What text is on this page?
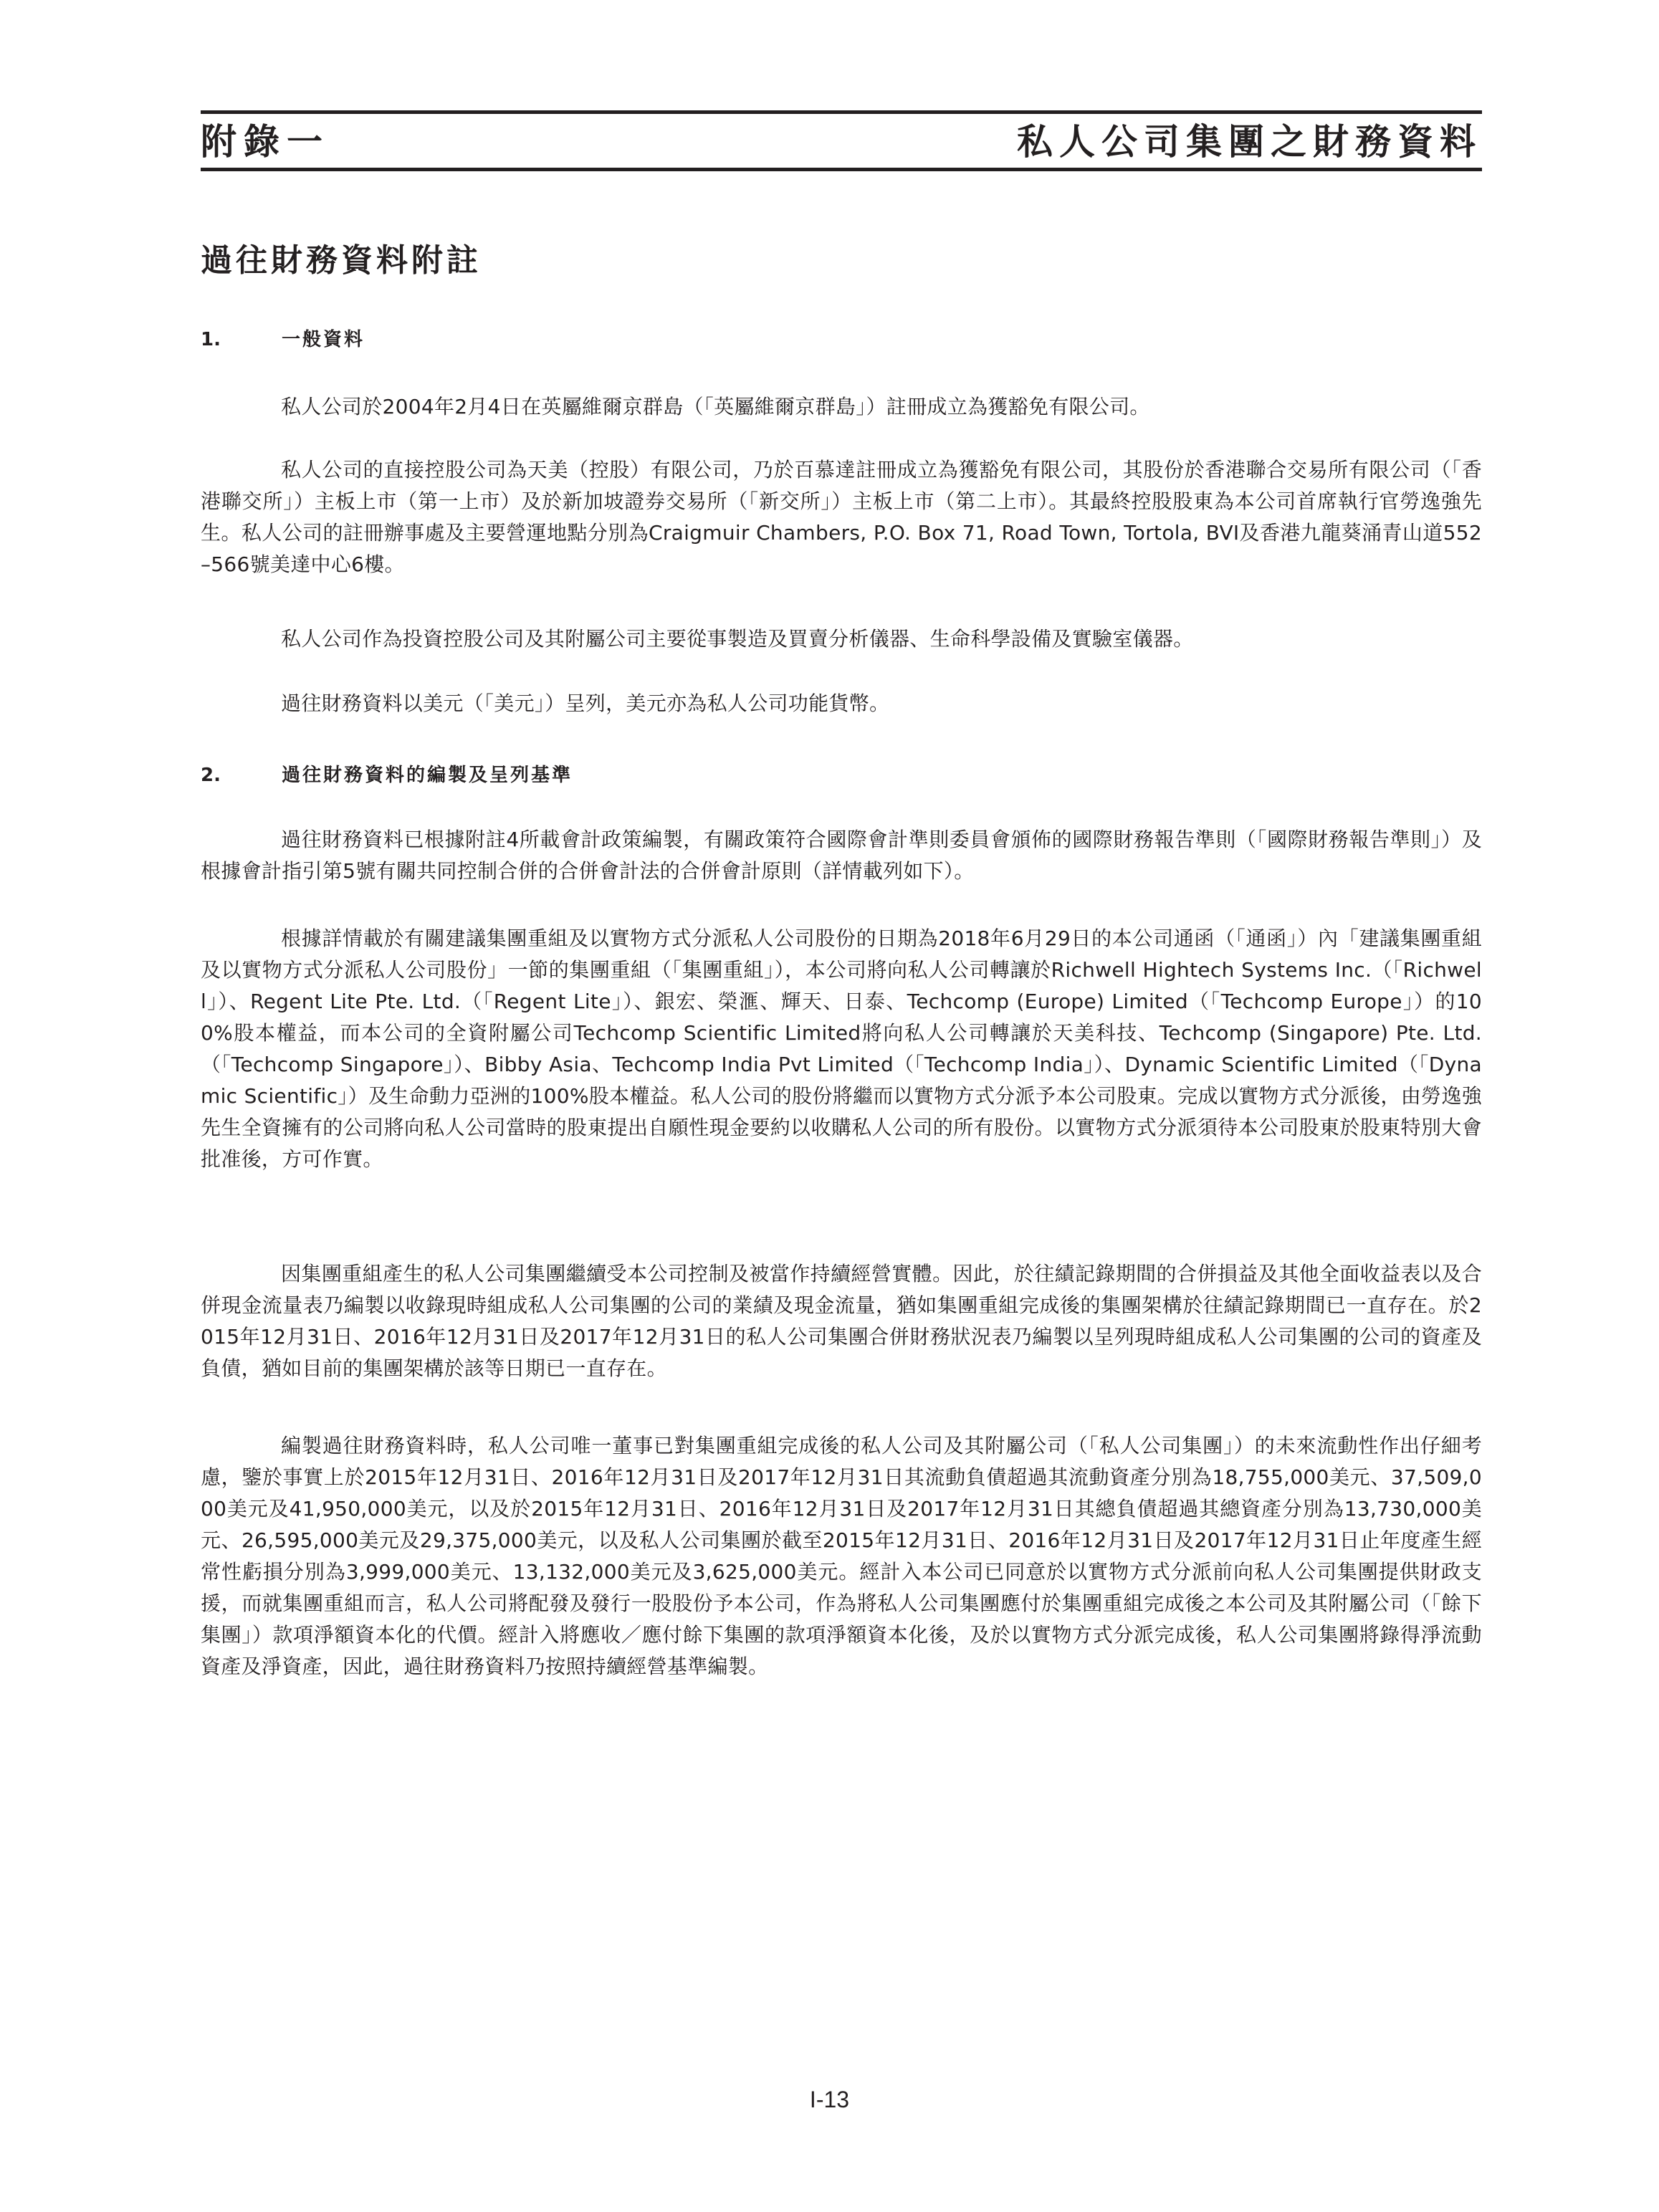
附錄一	私人公司集團之財務資料
過往財務資料附註
1.	一般資料

私人公司於2004年2月4日在英屬維爾京群島（「英屬維爾京群島」）註冊成立為獲豁免有限公司。

私人公司的直接控股公司為天美（控股）有限公司，乃於百慕達註冊成立為獲豁免有限公司，其股份於香港聯合交易所有限公司（「香港聯交所」）主板上市（第一上市）及於新加坡證券交易所（「新交所」）主板上市（第二上市）。其最終控股股東為本公司首席執行官勞逸強先生。私人公司的註冊辦事處及主要營運地點分別為Craigmuir Chambers, P.O. Box 71, Road Town, Tortola, BVI及香港九龍葵涌青山道552–566號美達中心6樓。

私人公司作為投資控股公司及其附屬公司主要從事製造及買賣分析儀器、生命科學設備及實驗室儀器。

過往財務資料以美元（「美元」）呈列，美元亦為私人公司功能貨幣。

2.	過往財務資料的編製及呈列基準

過往財務資料已根據附註4所載會計政策編製，有關政策符合國際會計準則委員會頒佈的國際財務報告準則（「國際財務報告準則」）及根據會計指引第5號有關共同控制合併的合併會計法的合併會計原則（詳情載列如下）。

根據詳情載於有關建議集團重組及以實物方式分派私人公司股份的日期為2018年6月29日的本公司通函（「通函」）內「建議集團重組及以實物方式分派私人公司股份」一節的集團重組（「集團重組」），本公司將向私人公司轉讓於Richwell Hightech Systems Inc.（「Richwell」）、Regent Lite Pte. Ltd.（「Regent Lite」）、銀宏、榮滙、輝天、日泰、Techcomp (Europe) Limited（「Techcomp Europe」）的100%股本權益，而本公司的全資附屬公司Techcomp Scientific Limited將向私人公司轉讓於天美科技、Techcomp (Singapore) Pte. Ltd.（「Techcomp Singapore」）、Bibby Asia、Techcomp India Pvt Limited（「Techcomp India」）、Dynamic Scientific Limited（「Dynamic Scientific」）及生命動力亞洲的100%股本權益。私人公司的股份將繼而以實物方式分派予本公司股東。完成以實物方式分派後，由勞逸強先生全資擁有的公司將向私人公司當時的股東提出自願性現金要約以收購私人公司的所有股份。以實物方式分派須待本公司股東於股東特別大會批准後，方可作實。

因集團重組產生的私人公司集團繼續受本公司控制及被當作持續經營實體。因此，於往績記錄期間的合併損益及其他全面收益表以及合併現金流量表乃編製以收錄現時組成私人公司集團的公司的業績及現金流量，猶如集團重組完成後的集團架構於往績記錄期間已一直存在。於2015年12月31日、2016年12月31日及2017年12月31日的私人公司集團合併財務狀況表乃編製以呈列現時組成私人公司集團的公司的資產及負債，猶如目前的集團架構於該等日期已一直存在。

編製過往財務資料時，私人公司唯一董事已對集團重組完成後的私人公司及其附屬公司（「私人公司集團」）的未來流動性作出仔細考慮，鑒於事實上於2015年12月31日、2016年12月31日及2017年12月31日其流動負債超過其流動資產分別為18,755,000美元、37,509,000美元及41,950,000美元，以及於2015年12月31日、2016年12月31日及2017年12月31日其總負債超過其總資產分別為13,730,000美元、26,595,000美元及29,375,000美元，以及私人公司集團於截至2015年12月31日、2016年12月31日及2017年12月31日止年度產生經常性虧損分別為3,999,000美元、13,132,000美元及3,625,000美元。經計入本公司已同意於以實物方式分派前向私人公司集團提供財政支援，而就集團重組而言，私人公司將配發及發行一股股份予本公司，作為將私人公司集團應付於集團重組完成後之本公司及其附屬公司（「餘下集團」）款項淨額資本化的代價。經計入將應收／應付餘下集團的款項淨額資本化後，及於以實物方式分派完成後，私人公司集團將錄得淨流動資產及淨資產，因此，過往財務資料乃按照持續經營基準編製。

I-13
